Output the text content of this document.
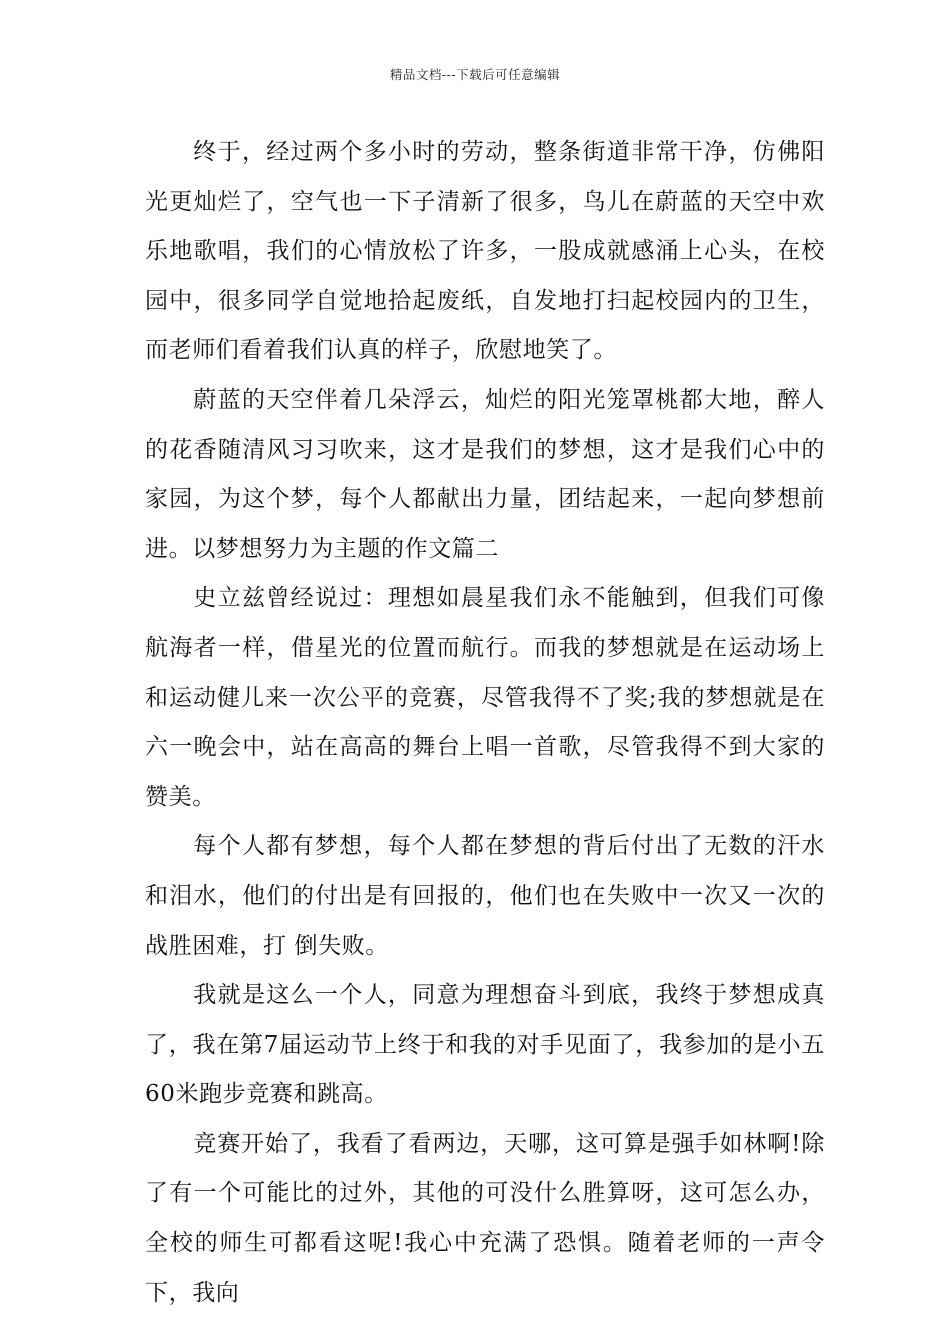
精品文档---下载后可任意编辑

终于，经过两个多小时的劳动，整条街道非常干净，仿佛阳光更灿烂了，空气也一下子清新了很多，鸟儿在蔚蓝的天空中欢乐地歌唱，我们的心情放松了许多，一股成就感涌上心头，在校园中，很多同学自觉地拾起废纸，自发地打扫起校园内的卫生，而老师们看着我们认真的样子，欣慰地笑了。

蔚蓝的天空伴着几朵浮云，灿烂的阳光笼罩桃都大地，醉人的花香随清风习习吹来，这才是我们的梦想，这才是我们心中的家园，为这个梦，每个人都献出力量，团结起来，一起向梦想前进。以梦想努力为主题的作文篇二

史立兹曾经说过：理想如晨星我们永不能触到，但我们可像航海者一样，借星光的位置而航行。而我的梦想就是在运动场上和运动健儿来一次公平的竞赛，尽管我得不了奖;我的梦想就是在六一晚会中，站在高高的舞台上唱一首歌，尽管我得不到大家的赞美。

每个人都有梦想，每个人都在梦想的背后付出了无数的汗水和泪水，他们的付出是有回报的，他们也在失败中一次又一次的战胜困难，打 倒失败。

我就是这么一个人，同意为理想奋斗到底，我终于梦想成真了，我在第7届运动节上终于和我的对手见面了，我参加的是小五60米跑步竞赛和跳高。

竞赛开始了，我看了看两边，天哪，这可算是强手如林啊!除了有一个可能比的过外，其他的可没什么胜算呀，这可怎么办，全校的师生可都看这呢!我心中充满了恐惧。随着老师的一声令下，我向
